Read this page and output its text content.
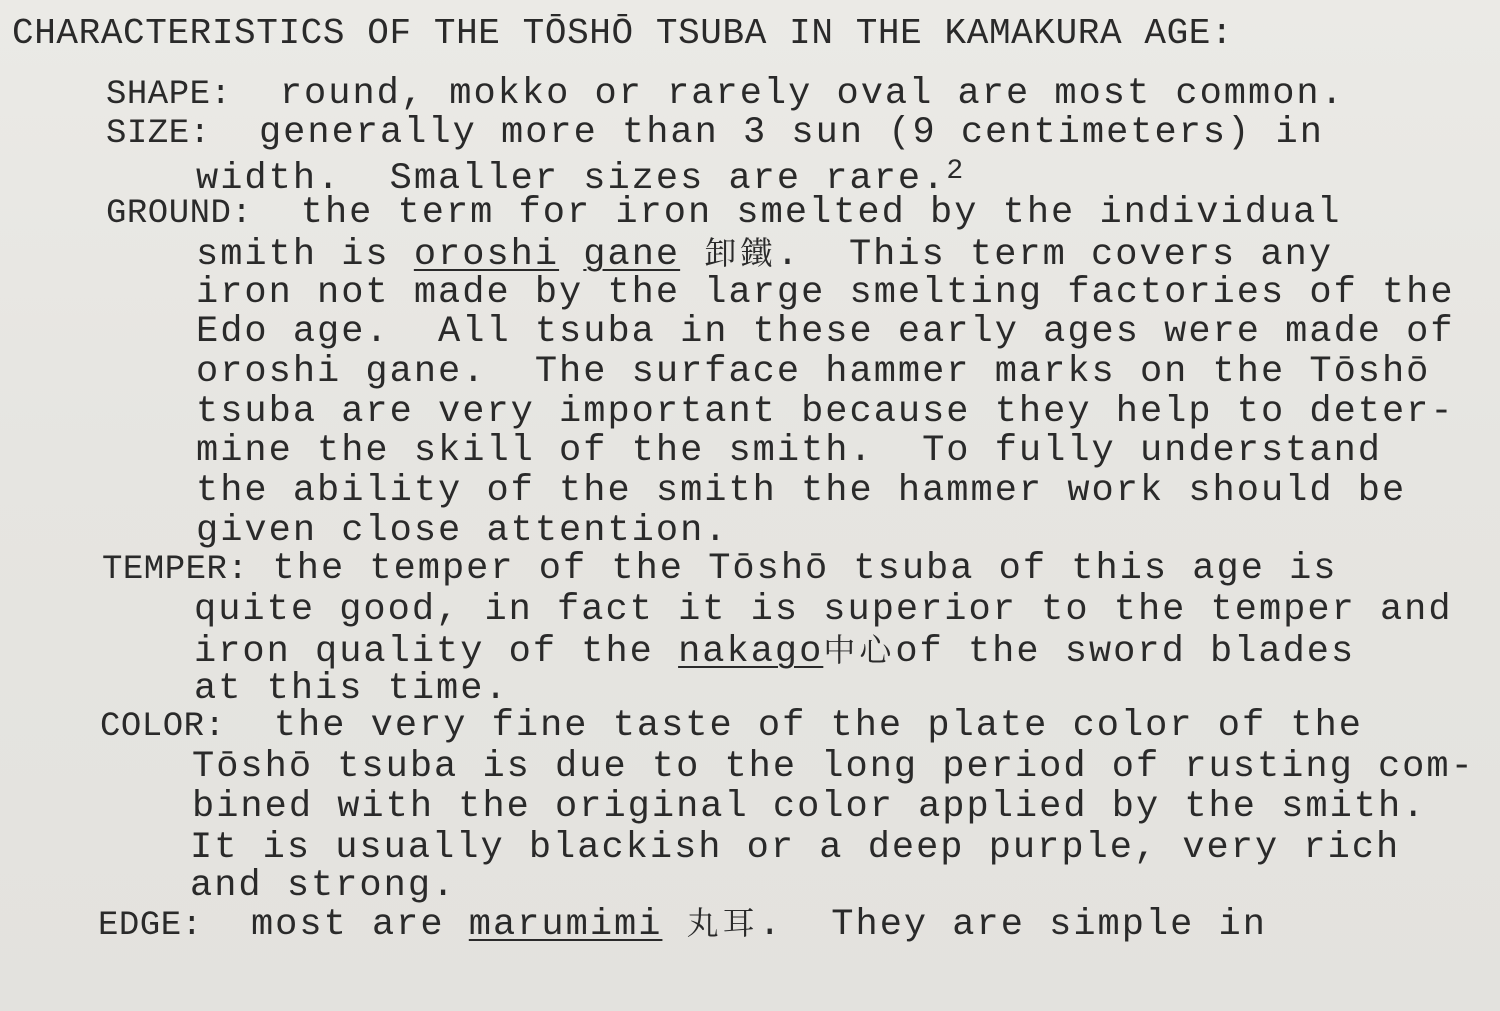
CHARACTERISTICS OF THE TŌSHŌ TSUBA IN THE KAMAKURA AGE:
SHAPE: round, mokko or rarely oval are most common.
SIZE: generally more than 3 sun (9 centimeters) in
width.  Smaller sizes are rare.$^2$
GROUND: the term for iron smelted by the individual
smith is oroshi gane 卸鐵.  This term covers any
iron not made by the large smelting factories of the
Edo age.  All tsuba in these early ages were made of
oroshi gane.  The surface hammer marks on the Tōshō
tsuba are very important because they help to deter-
mine the skill of the smith.  To fully understand
the ability of the smith the hammer work should be
given close attention.
TEMPER: the temper of the Tōshō tsuba of this age is
quite good, in fact it is superior to the temper and
iron quality of the nakago中心of the sword blades
at this time.
COLOR: the very fine taste of the plate color of the
Tōshō tsuba is due to the long period of rusting com-
bined with the original color applied by the smith.
It is usually blackish or a deep purple, very rich
and strong.
EDGE: most are marumimi 丸耳.  They are simple in
